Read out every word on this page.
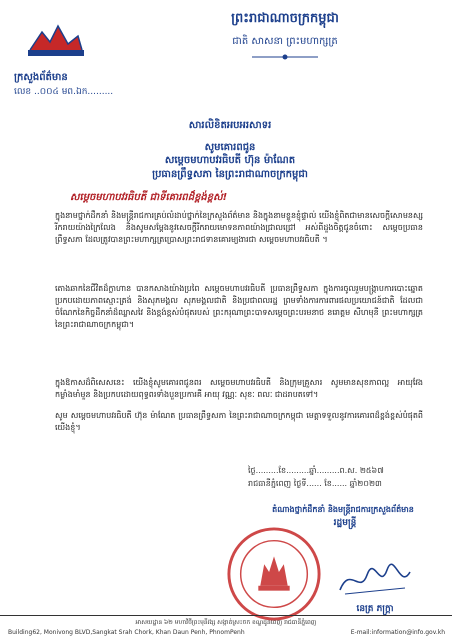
ព្រះរាជាណាចក្រកម្ពុជា
ជាតិ សាសនា ព្រះមហាក្សត្រ
ក្រសួងព័ត៌មាន
លេខ ..០០៤ មព.ឯក.........
សារលិខិតអបអរសាទរ
សូមគោរពជូន
សម្តេចមហាបវរធិបតី ហ៊ុន ម៉ាណែត
ប្រធានព្រឹទ្ធសភា នៃព្រះរាជាណាចក្រកម្ពុជា
សម្តេចមហាបវរធិបតី ជាទីគោរពដ៏ខ្ពង់ខ្ពស់!
ក្នុងនាមថ្នាក់ដឹកនាំ និងមន្ត្រីរាជការគ្រប់លំដាប់ថ្នាក់នៃក្រសួងព័ត៌មាន និងក្នុងនាមខ្លួនខ្ញុំផ្ទាល់ យើងខ្ញុំពិតជាមានសេចក្តីសោមនស្សរីករាយយ៉ាងក្រៃលែង និងសូមសម្តែងនូវសេចក្តីរីករាយមោទនភាពយ៉ាងជ្រាលជ្រៅ អស់ពីដួងចិត្តជូនចំពោះ សម្តេចប្រធានព្រឹទ្ធសភា ដែលត្រូវបានព្រះមហាក្សត្រប្រោសព្រះរាជទានគោរម្យងារជា សម្តេចមហាបវរធិបតី ។
តោងឆាកនៃជីវិតដ៏ក្លាហាន បានកសាងយ៉ាងប្រពៃ សម្តេចមហាបវរធិបតី ប្រធានព្រឹទ្ធសភា ក្នុងការចូលរួមបង្ក្រាបការបោះឆ្នោតប្រកបដោយភាពស្មោះត្រង់ និងសុភមង្គល សុភមង្គលជាតិ និងប្រជាពលរដ្ឋ ព្រមទាំងការការពារផលប្រយោជន៍ជាតិ ដែលជាចំណែកនៃកិច្ចដឹកនាំដ៏ឈ្លាសវៃ និងខ្ពង់ខ្ពស់បំផុតរបស់ ព្រះករុណាព្រះបាទសម្តេចព្រះបរមនាថ នរោត្តម សីហមុនី ព្រះមហាក្សត្រ នៃព្រះរាជាណាចក្រកម្ពុជា។
ក្នុងឱកាសដ៏ពិសេសនេះ យើងខ្ញុំសូមគោរពជូនពរ សម្តេចមហាបវរធិបតី និងក្រុមគ្រួសារ សូមមានសុខភាពល្អ អាយុវែង កម្លាំងមាំមួន និងប្រកបដោយពុទ្ធពរទាំងបួនប្រការគឺ អាយុ វណ្ណៈ សុខៈ ពលៈ ជាដរាបតទៅ។
សូម សម្តេចមហាបវរធិបតី ហ៊ុន ម៉ាណែត ប្រធានព្រឹទ្ធសភា នៃព្រះរាជាណាចក្រកម្ពុជា មេត្តាទទួលនូវការគោរពដ៏ខ្ពង់ខ្ពស់បំផុតពីយើងខ្ញុំ។
ថ្ងៃ.........ខែ.........ឆ្នាំ.........ព.ស. ២៥៦៧
រាជធានីភ្នំពេញ ថ្ងៃទី...... ខែ...... ឆ្នាំ២០២៣
តំណាងថ្នាក់ដឹកនាំ និងមន្ត្រីរាជការក្រសួងព័ត៌មាន
រដ្ឋមន្ត្រី
នេត្រ ភក្ត្រា
អាសយដ្ឋាន ៦២ មហាវិថីព្រះមុនីវង្ស សង្កាត់ស្រះចក ខណ្ឌដូនពេញ រាជធានីភ្នំពេញ
Building62, Monivong BLVD,Sangkat Srah Chork, Khan Daun Penh, PhnomPenh	E-mail:information@info.gov.kh
